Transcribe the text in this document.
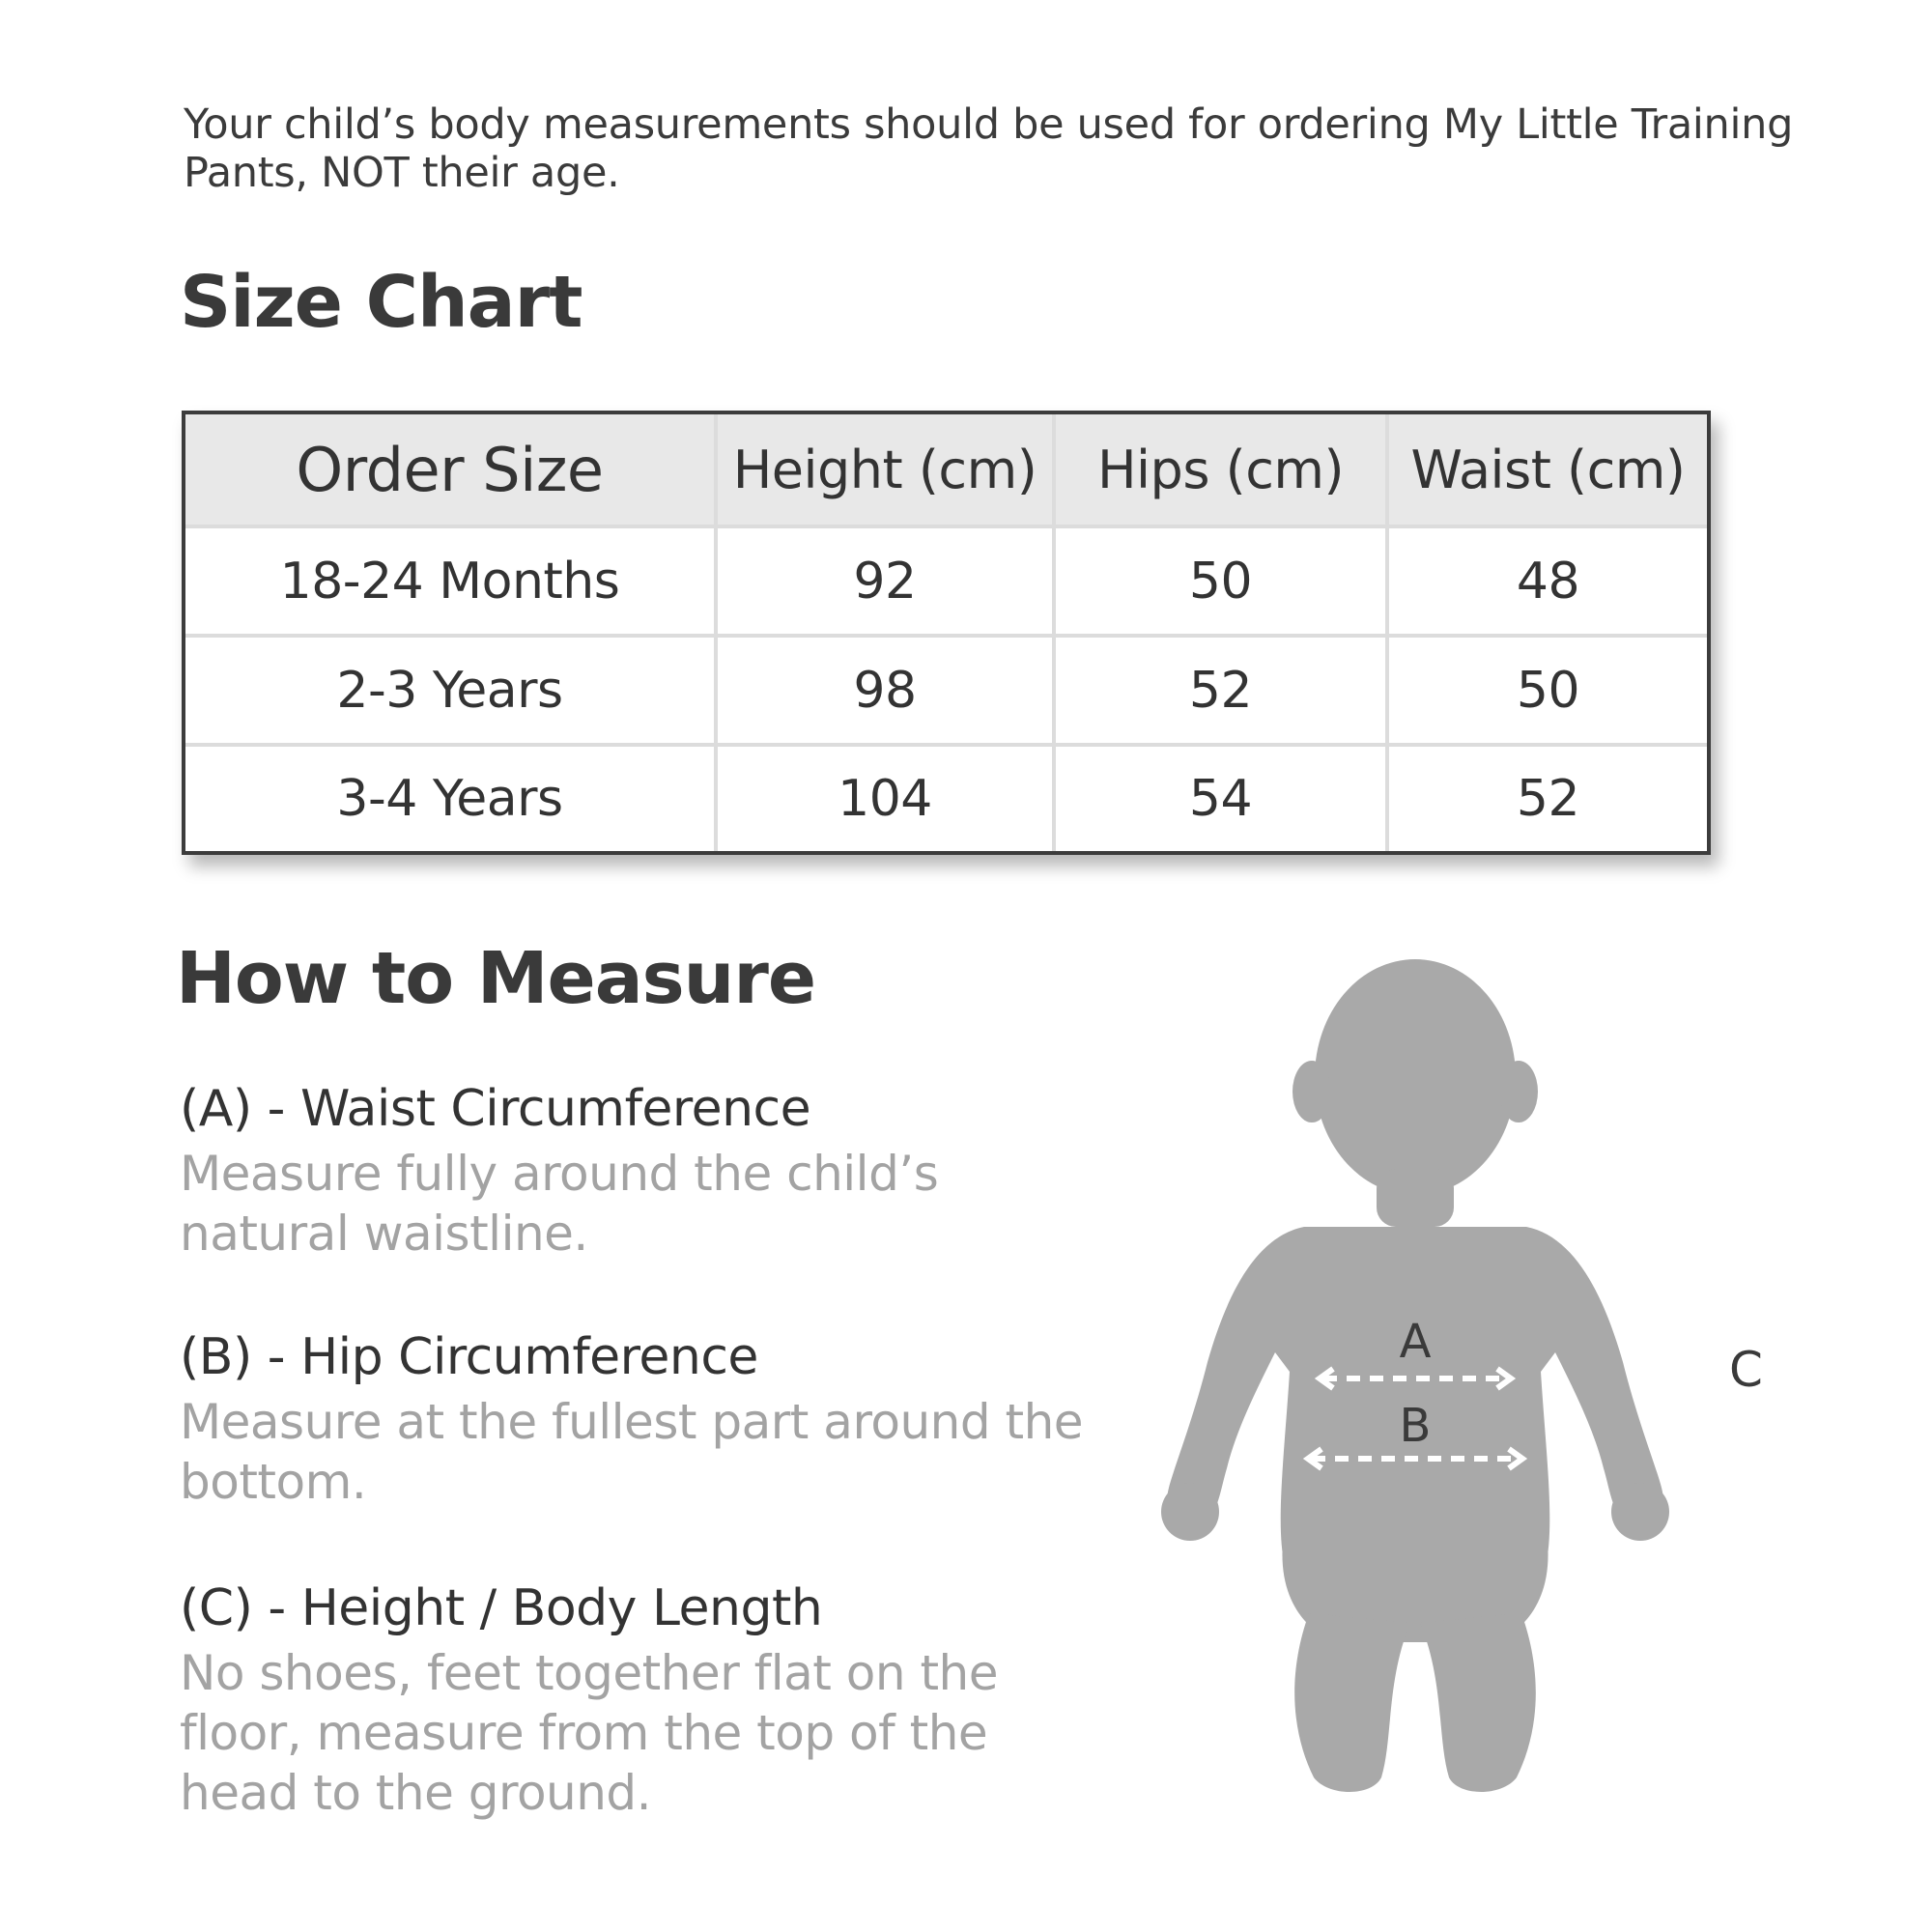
Your child’s body measurements should be used for ordering My Little Training Pants, NOT their age.
Size Chart
Order Size	Height (cm)	Hips (cm)	Waist (cm)
18-24 Months	92	50	48
2-3 Years	98	52	50
3-4 Years	104	54	52
How to Measure

(A) - Waist Circumference

Measure fully around the child’s natural waistline.

(B) - Hip Circumference

Measure at the fullest part around the bottom.

(C) - Height / Body Length

No shoes, feet together flat on the floor, measure from the top of the head to the ground.

A
B
C
